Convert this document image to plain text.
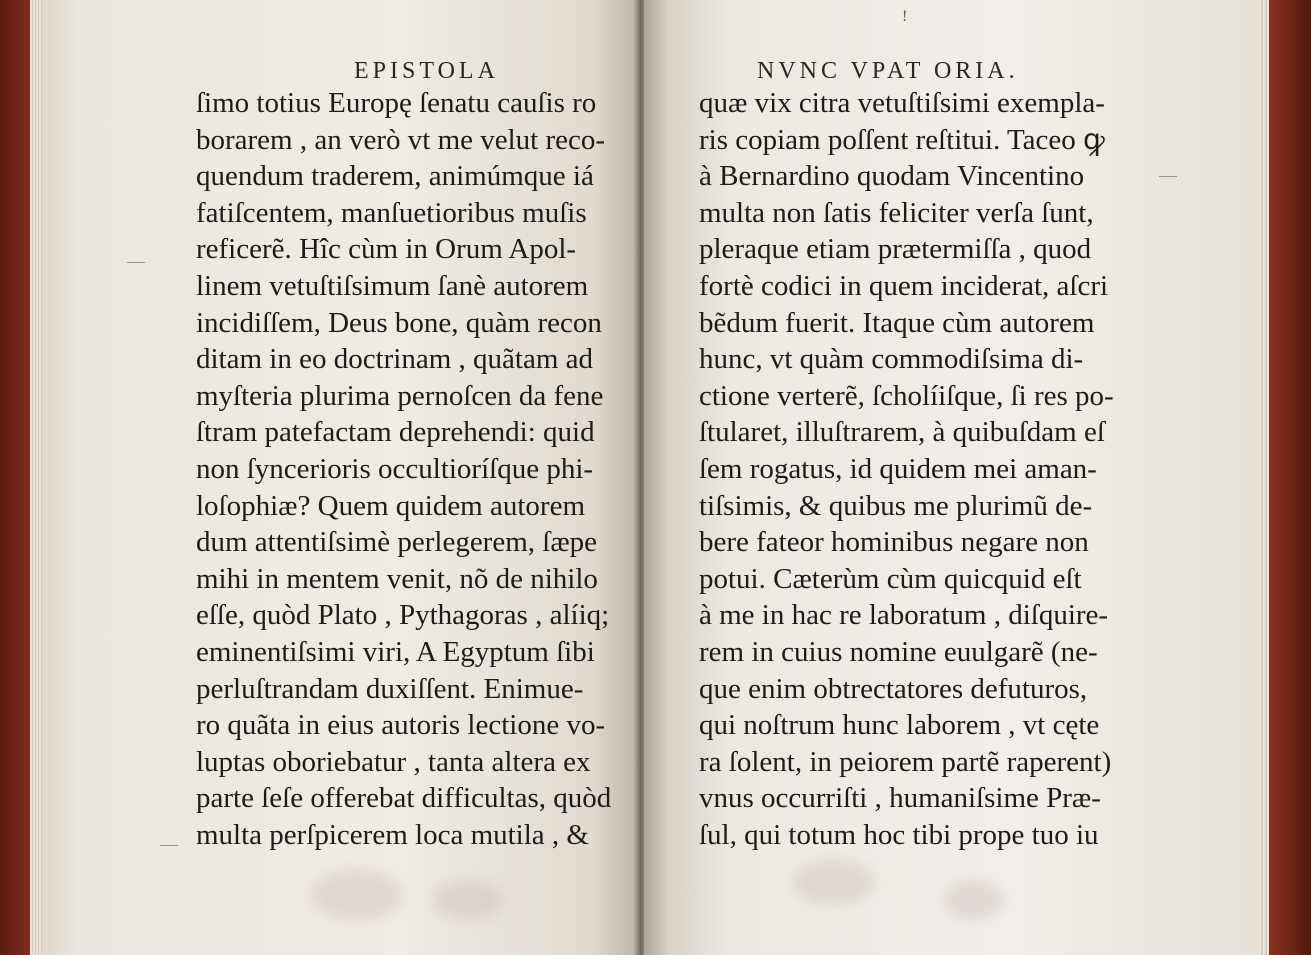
EPISTOLA
ſimo totius Europę ſenatu cauſis ro
borarem , an verò vt me velut reco-
quendum traderem, animúmque iá
fatiſcentem, manſuetioribus muſis
reficerẽ. Hîc cùm in Orum Apol-
linem vetuſtiſsimum ſanè autorem
incidiſſem, Deus bone, quàm recon
ditam in eo doctrinam , quãtam ad
myſteria plurima pernoſcen da fene
ſtram patefactam deprehendi: quid
non ſyncerioris occultioríſque phi-
loſophiæ? Quem quidem autorem
dum attentiſsimè perlegerem, ſæpe
mihi in mentem venit, nõ de nihilo
eſſe, quòd Plato , Pythagoras , alíiq;
eminentiſsimi viri, A Egyptum ſibi
perluſtrandam duxiſſent. Enimue-
ro quãta in eius autoris lectione vo-
luptas oboriebatur , tanta altera ex
parte ſeſe offerebat difficultas, quòd
multa perſpicerem loca mutila , &
!
NVNC VPAT ORIA.
quæ vix citra vetuſtiſsimi exempla-
ris copiam poſſent reſtitui. Taceo ꝙ
à Bernardino quodam Vincentino
multa non ſatis feliciter verſa ſunt,
pleraque etiam prætermiſſa , quod
fortè codici in quem inciderat, aſcri
bẽdum fuerit. Itaque cùm autorem
hunc, vt quàm commodiſsima di-
ctione verterẽ, ſcholíiſque, ſi res po-
ſtularet, illuſtrarem, à quibuſdam eſ
ſem rogatus, id quidem mei aman-
tiſsimis, & quibus me plurimũ de-
bere fateor hominibus negare non
potui. Cæterùm cùm quicquid eſt
à me in hac re laboratum , diſquire-
rem in cuius nomine euulgarẽ (ne-
que enim obtrectatores defuturos,
qui noſtrum hunc laborem , vt cęte
ra ſolent, in peiorem partẽ raperent)
vnus occurriſti , humaniſsime Præ-
ſul, qui totum hoc tibi prope tuo iu
